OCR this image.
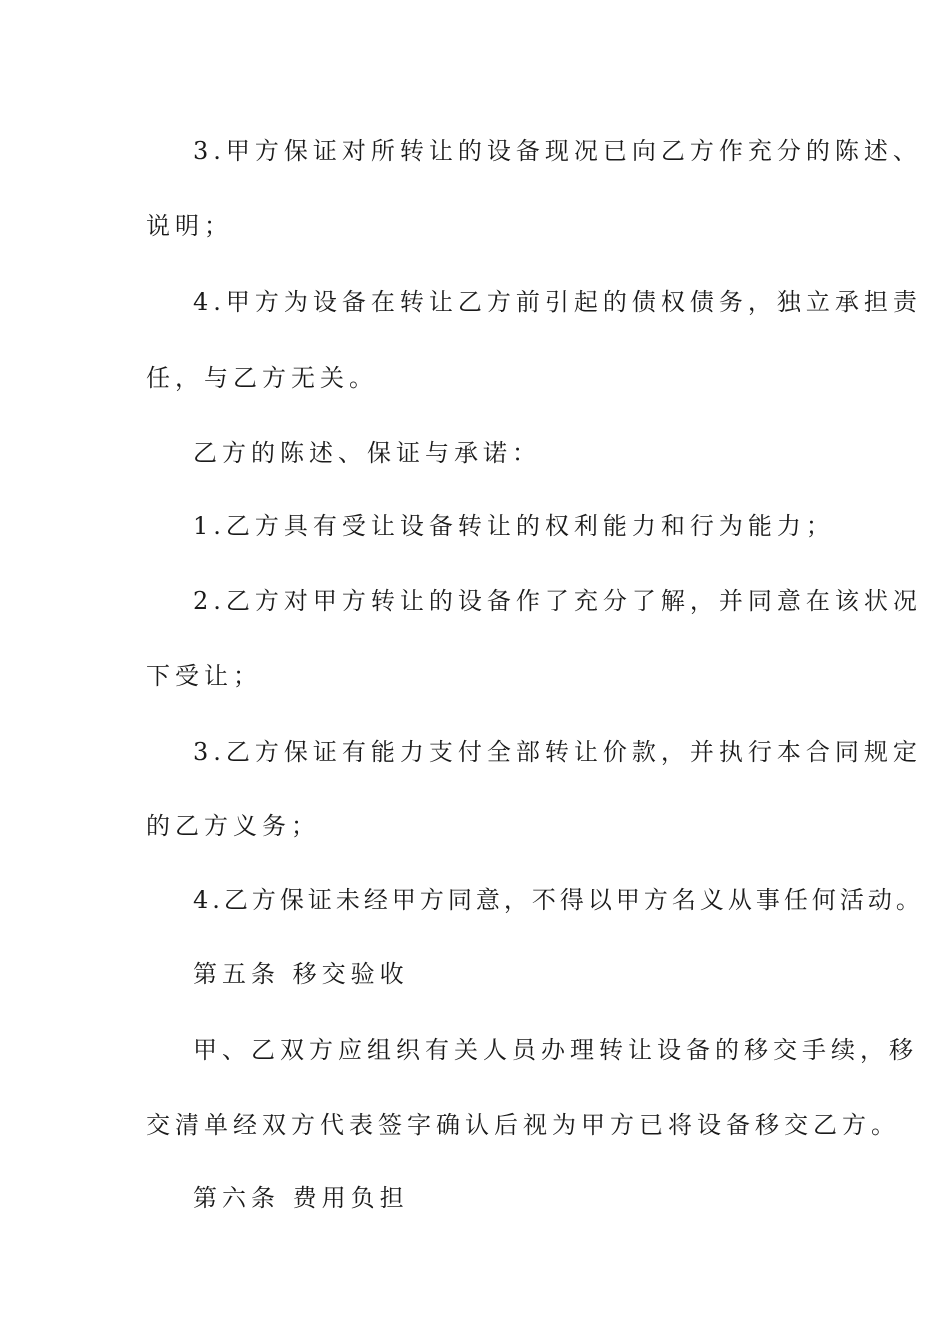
3.甲方保证对所转让的设备现况已向乙方作充分的陈述、

说明；

4.甲方为设备在转让乙方前引起的债权债务，独立承担责

任，与乙方无关。

乙方的陈述、保证与承诺：

1.乙方具有受让设备转让的权利能力和行为能力；

2.乙方对甲方转让的设备作了充分了解，并同意在该状况

下受让；

3.乙方保证有能力支付全部转让价款，并执行本合同规定

的乙方义务；

4.乙方保证未经甲方同意，不得以甲方名义从事任何活动。

第五条 移交验收

甲、乙双方应组织有关人员办理转让设备的移交手续，移

交清单经双方代表签字确认后视为甲方已将设备移交乙方。

第六条 费用负担
